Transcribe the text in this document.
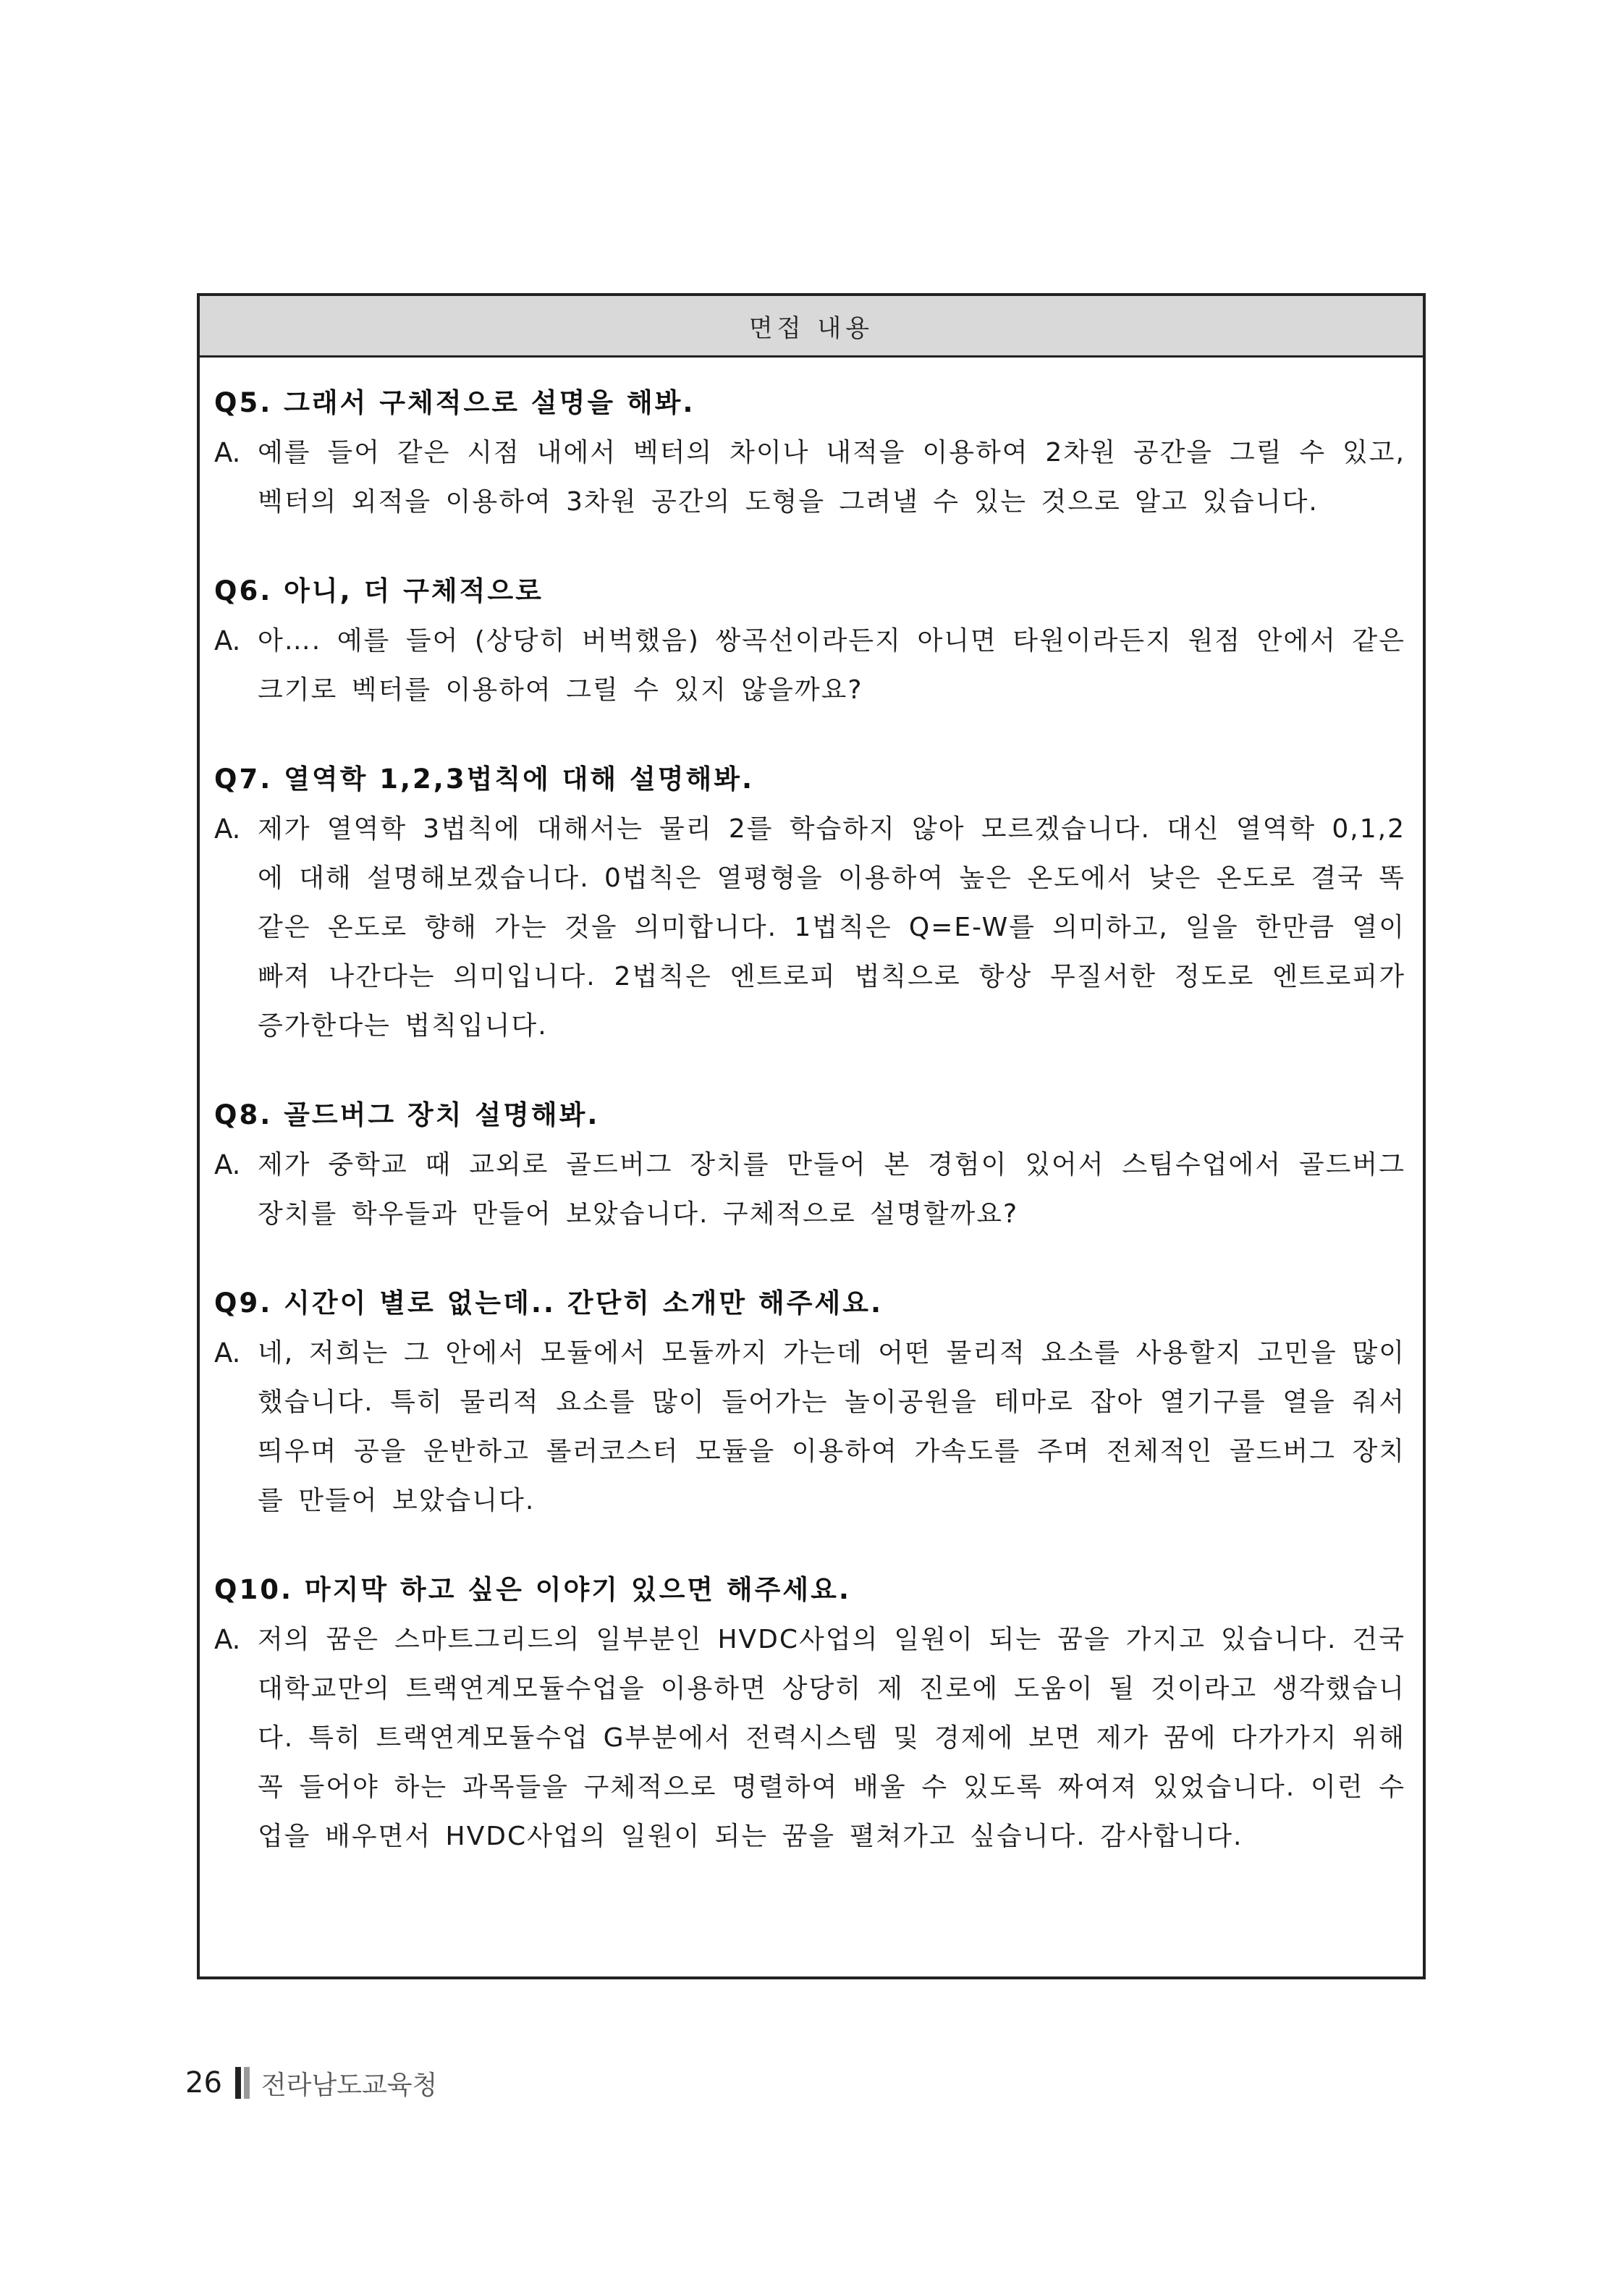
면접 내용

Q5. 그래서 구체적으로 설명을 해봐.

A. 예를 들어 같은 시점 내에서 벡터의 차이나 내적을 이용하여 2차원 공간을 그릴 수 있고, 벡터의 외적을 이용하여 3차원 공간의 도형을 그려낼 수 있는 것으로 알고 있습니다.

Q6. 아니, 더 구체적으로

A. 아…. 예를 들어 (상당히 버벅했음) 쌍곡선이라든지 아니면 타원이라든지 원점 안에서 같은 크기로 벡터를 이용하여 그릴 수 있지 않을까요?

Q7. 열역학 1,2,3법칙에 대해 설명해봐.

A. 제가 열역학 3법칙에 대해서는 물리 2를 학습하지 않아 모르겠습니다. 대신 열역학 0,1,2에 대해 설명해보겠습니다. 0법칙은 열평형을 이용하여 높은 온도에서 낮은 온도로 결국 똑같은 온도로 향해 가는 것을 의미합니다. 1법칙은 Q=E-W를 의미하고, 일을 한만큼 열이 빠져 나간다는 의미입니다. 2법칙은 엔트로피 법칙으로 항상 무질서한 정도로 엔트로피가 증가한다는 법칙입니다.

Q8. 골드버그 장치 설명해봐.

A. 제가 중학교 때 교외로 골드버그 장치를 만들어 본 경험이 있어서 스팀수업에서 골드버그 장치를 학우들과 만들어 보았습니다. 구체적으로 설명할까요?

Q9. 시간이 별로 없는데.. 간단히 소개만 해주세요.

A. 네, 저희는 그 안에서 모듈에서 모듈까지 가는데 어떤 물리적 요소를 사용할지 고민을 많이 했습니다. 특히 물리적 요소를 많이 들어가는 놀이공원을 테마로 잡아 열기구를 열을 줘서 띄우며 공을 운반하고 롤러코스터 모듈을 이용하여 가속도를 주며 전체적인 골드버그 장치를 만들어 보았습니다.

Q10. 마지막 하고 싶은 이야기 있으면 해주세요.

A. 저의 꿈은 스마트그리드의 일부분인 HVDC사업의 일원이 되는 꿈을 가지고 있습니다. 건국대학교만의 트랙연계모듈수업을 이용하면 상당히 제 진로에 도움이 될 것이라고 생각했습니다. 특히 트랙연계모듈수업 G부분에서 전력시스템 및 경제에 보면 제가 꿈에 다가가지 위해 꼭 들어야 하는 과목들을 구체적으로 명렬하여 배울 수 있도록 짜여져 있었습니다. 이런 수업을 배우면서 HVDC사업의 일원이 되는 꿈을 펼쳐가고 싶습니다. 감사합니다.
26 전라남도교육청
